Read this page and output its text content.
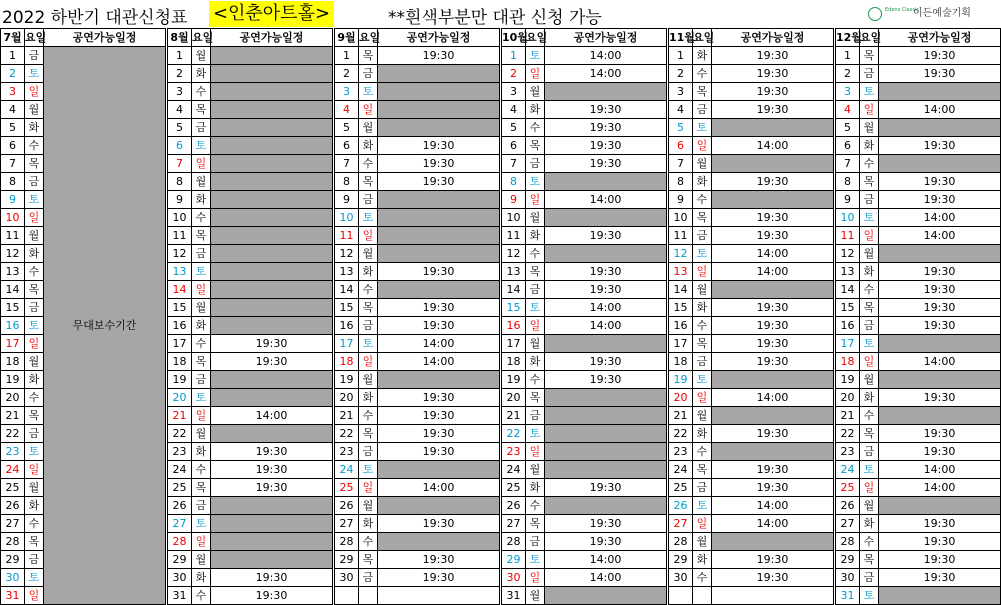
2022 하반기 대관신청표 <인춘아트홀>	**흰색부분만 대관 신청 가능	Edens Classic
이든예술기획
7월	요일	공연가능일정		8월	요일	공연가능일정		9월	요일	공연가능일정		10월	요일	공연가능일정		11월	요일	공연가능일정		12월	요일	공연가능일정
1	금	무대보수기간		1	월			1	목	19:30		1	토	14:00		1	화	19:30		1	목	19:30
2	토			2	화			2	금			2	일	14:00		2	수	19:30		2	금	19:30
3	일			3	수			3	토			3	월			3	목	19:30		3	토	
4	월			4	목			4	일			4	화	19:30		4	금	19:30		4	일	14:00
5	화			5	금			5	월			5	수	19:30		5	토			5	월	
6	수			6	토			6	화	19:30		6	목	19:30		6	일	14:00		6	화	19:30
7	목			7	일			7	수	19:30		7	금	19:30		7	월			7	수	
8	금			8	월			8	목	19:30		8	토			8	화	19:30		8	목	19:30
9	토			9	화			9	금			9	일	14:00		9	수			9	금	19:30
10	일			10	수			10	토			10	월			10	목	19:30		10	토	14:00
11	월			11	목			11	일			11	화	19:30		11	금	19:30		11	일	14:00
12	화			12	금			12	월			12	수			12	토	14:00		12	월	
13	수			13	토			13	화	19:30		13	목	19:30		13	일	14:00		13	화	19:30
14	목			14	일			14	수			14	금	19:30		14	월			14	수	19:30
15	금			15	월			15	목	19:30		15	토	14:00		15	화	19:30		15	목	19:30
16	토			16	화			16	금	19:30		16	일	14:00		16	수	19:30		16	금	19:30
17	일			17	수	19:30		17	토	14:00		17	월			17	목	19:30		17	토	
18	월			18	목	19:30		18	일	14:00		18	화	19:30		18	금	19:30		18	일	14:00
19	화			19	금			19	월			19	수	19:30		19	토			19	월	
20	수			20	토			20	화	19:30		20	목			20	일	14:00		20	화	19:30
21	목			21	일	14:00		21	수	19:30		21	금			21	월			21	수	
22	금			22	월			22	목	19:30		22	토			22	화	19:30		22	목	19:30
23	토			23	화	19:30		23	금	19:30		23	일			23	수			23	금	19:30
24	일			24	수	19:30		24	토			24	월			24	목	19:30		24	토	14:00
25	월			25	목	19:30		25	일	14:00		25	화	19:30		25	금	19:30		25	일	14:00
26	화			26	금			26	월			26	수			26	토	14:00		26	월	
27	수			27	토			27	화	19:30		27	목	19:30		27	일	14:00		27	화	19:30
28	목			28	일			28	수			28	금	19:30		28	월			28	수	19:30
29	금			29	월			29	목	19:30		29	토	14:00		29	화	19:30		29	목	19:30
30	토			30	화	19:30		30	금	19:30		30	일	14:00		30	수	19:30		30	금	19:30
31	일			31	수	19:30						31	월							31	토	
